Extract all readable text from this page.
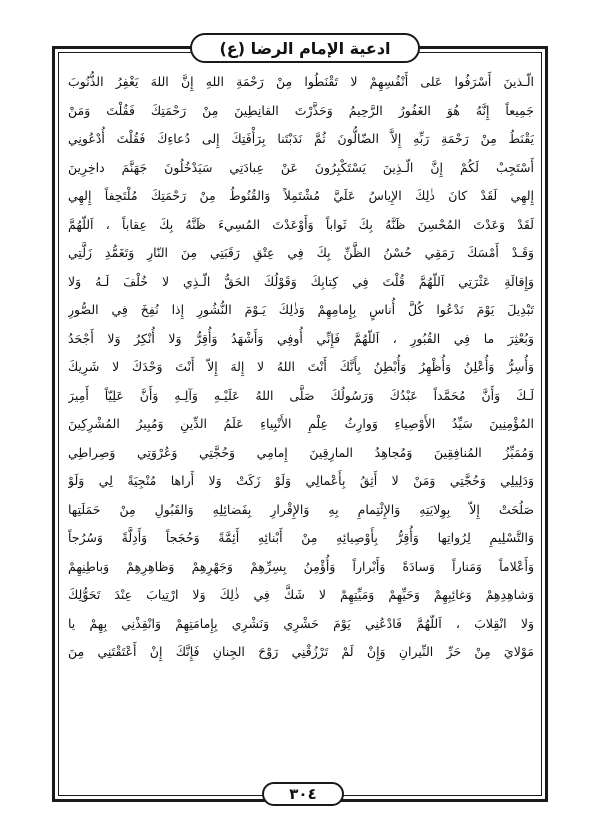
ادعية الإمام الرضا (ع)
الّـذينَ أَسْرَفُوا عَلى أَنْفُسِهِمْ لا تَقْنَطُوا مِنْ رَحْمَةِ اللهِ إِنَّ اللهَ يَغْفِرُ الذُّنُوبَ
جَمِيعاً إِنَّهُ هُوَ الغَفُورُ الرَّحِيمُ وَحَذَّرْتَ القانِطِينَ مِنْ رَحْمَتِكَ فَقُلْتَ وَمَنْ
يَقْنَطُ مِنْ رَحْمَةِ رَبِّهِ إِلاَّ الضّالُّونَ ثُمَّ نَدَبْتَنا بِرَأْفَتِكَ إِلى دُعاءِكَ فَقُلْتَ أُدْعُونِي
أَسْتَجِبْ لَكُمْ إِنَّ الّـذِينَ يَسْتَكْبِرُونَ عَنْ عِبادَتِي سَيَدْخُلُونَ جَهَنَّمَ داخِرِينَ
إِلهِي لَقَدْ كانَ ذٰلِكَ الإِياسُ عَلَيَّ مُشْتَمِلاً وَالقُنُوطُ مِنْ رَحْمَتِكَ مُلْتَحِفاً إِلهِي
لَقَدْ وَعَدْتَ المُحْسِنَ ظَنَّهُ بِكَ ثَواباً وَأَوْعَدْتَ المُسِيءَ ظَنَّهُ بِكَ عِقاباً ، اَللّهُمَّ
وَقَـدْ أَمْسَكَ رَمَقِي حُسْنُ الظَّنِّ بِكَ فِي عِتْقِ رَقَبَتِي مِنَ النّارِ وَتَغَمُّدِ زَلَّتِي
وَإِقالَةِ عَثْرَتِي اَللّهُمَّ قُلْتَ فِي كِتابِكَ وَقَوْلُكَ الحَقُّ الّـذِي لا خُلْفَ لَـهُ وَلا
تَبْدِيلَ يَوْمَ نَدْعُوا كُلَّ أُناسٍ بِإِمامِهِمْ وَذٰلِكَ يَـوْمَ النُّشُورِ إِذا نُفِخَ فِي الصُّورِ
وَبُعْثِرَ ما فِي القُبُورِ ، اَللّهُمَّ فَإِنِّي أُوفِي وَأَشْهَدُ وَأُقِرُّ وَلا أُنْكِرُ وَلا أَجْحَدُ
وَأُسِرُّ وَأُعْلِنُ وَأُظْهِرُ وَأُبْطِنُ بِأَنَّكَ أَنْتَ اللهُ لا إِلهَ إِلاّ أَنْتَ وَحْدَكَ لا شَرِيكَ
لَـكَ وَأَنَّ مُحَمَّداً عَبْدُكَ وَرَسُولُكَ صَلَّى اللهُ عَلَيْـهِ وَآلِـهِ وَأَنَّ عَلِيّاً أَمِيرَ
المُؤْمِنِينَ سَيِّدُ الأَوْصِياءِ وَوارِثُ عِلْمِ الأَنْبِياءِ عَلَمُ الدِّينِ وَمُبِيرُ المُشْرِكِينَ
وَمُمَيِّزُ المُنافِقِينَ وَمُجاهِدُ المارِقِينَ إِمامِي وَحُجَّتِي وَعُرْوَتِي وَصِراطِي
وَدَلِيلِي وَحُجَّتِي وَمَنْ لا أَثِقُ بِأَعْمالِي وَلَوْ زَكَتْ وَلا أَراها مُنْجِيَةً لِي وَلَوْ
صَلُحَتْ إِلاّ بِوِلايَتِهِ وَالإِئْتِمامِ بِهِ وَالإِقْرارِ بِفَضائِلِهِ وَالقَبُولِ مِنْ حَمَلَتِها
وَالتَّسْلِيمِ لِرُواتِها وَأُقِرُّ بِأَوْصِيائِهِ مِنْ أَبْنائِهِ أَئِمَّةً وَحُجَجاً وَأَدِلَّةً وَسُرُجاً
وَأَعْلاماً وَمَناراً وَسادَةً وَأَبْراراً وَأُؤْمِنُ بِسِرِّهِمْ وَجَهْرِهِمْ وَظاهِرِهِمْ وَباطِنِهِمْ
وَشاهِدِهِمْ وَغائِبِهِمْ وَحَيِّهِمْ وَمَيِّتِهِمْ لا شَكَّ فِي ذٰلِكَ وَلا ارْتِيابَ عِنْدَ تَحَوُّلِكَ
وَلا انْقِلابَ ، اَللّهُمَّ فَادْعُنِي يَوْمَ حَشْرِي وَنَشْرِي بِإِمامَتِهِمْ وَانْقِذْنِي بِهِمْ يا
مَوْلايَ مِنْ حَرِّ النِّيرانِ وَإِنْ لَمْ تَرْزُقْنِي رَوْحَ الجِنانِ فَإِنَّكَ إِنْ أَعْتَقْتَنِي مِنَ
٣٠٤
